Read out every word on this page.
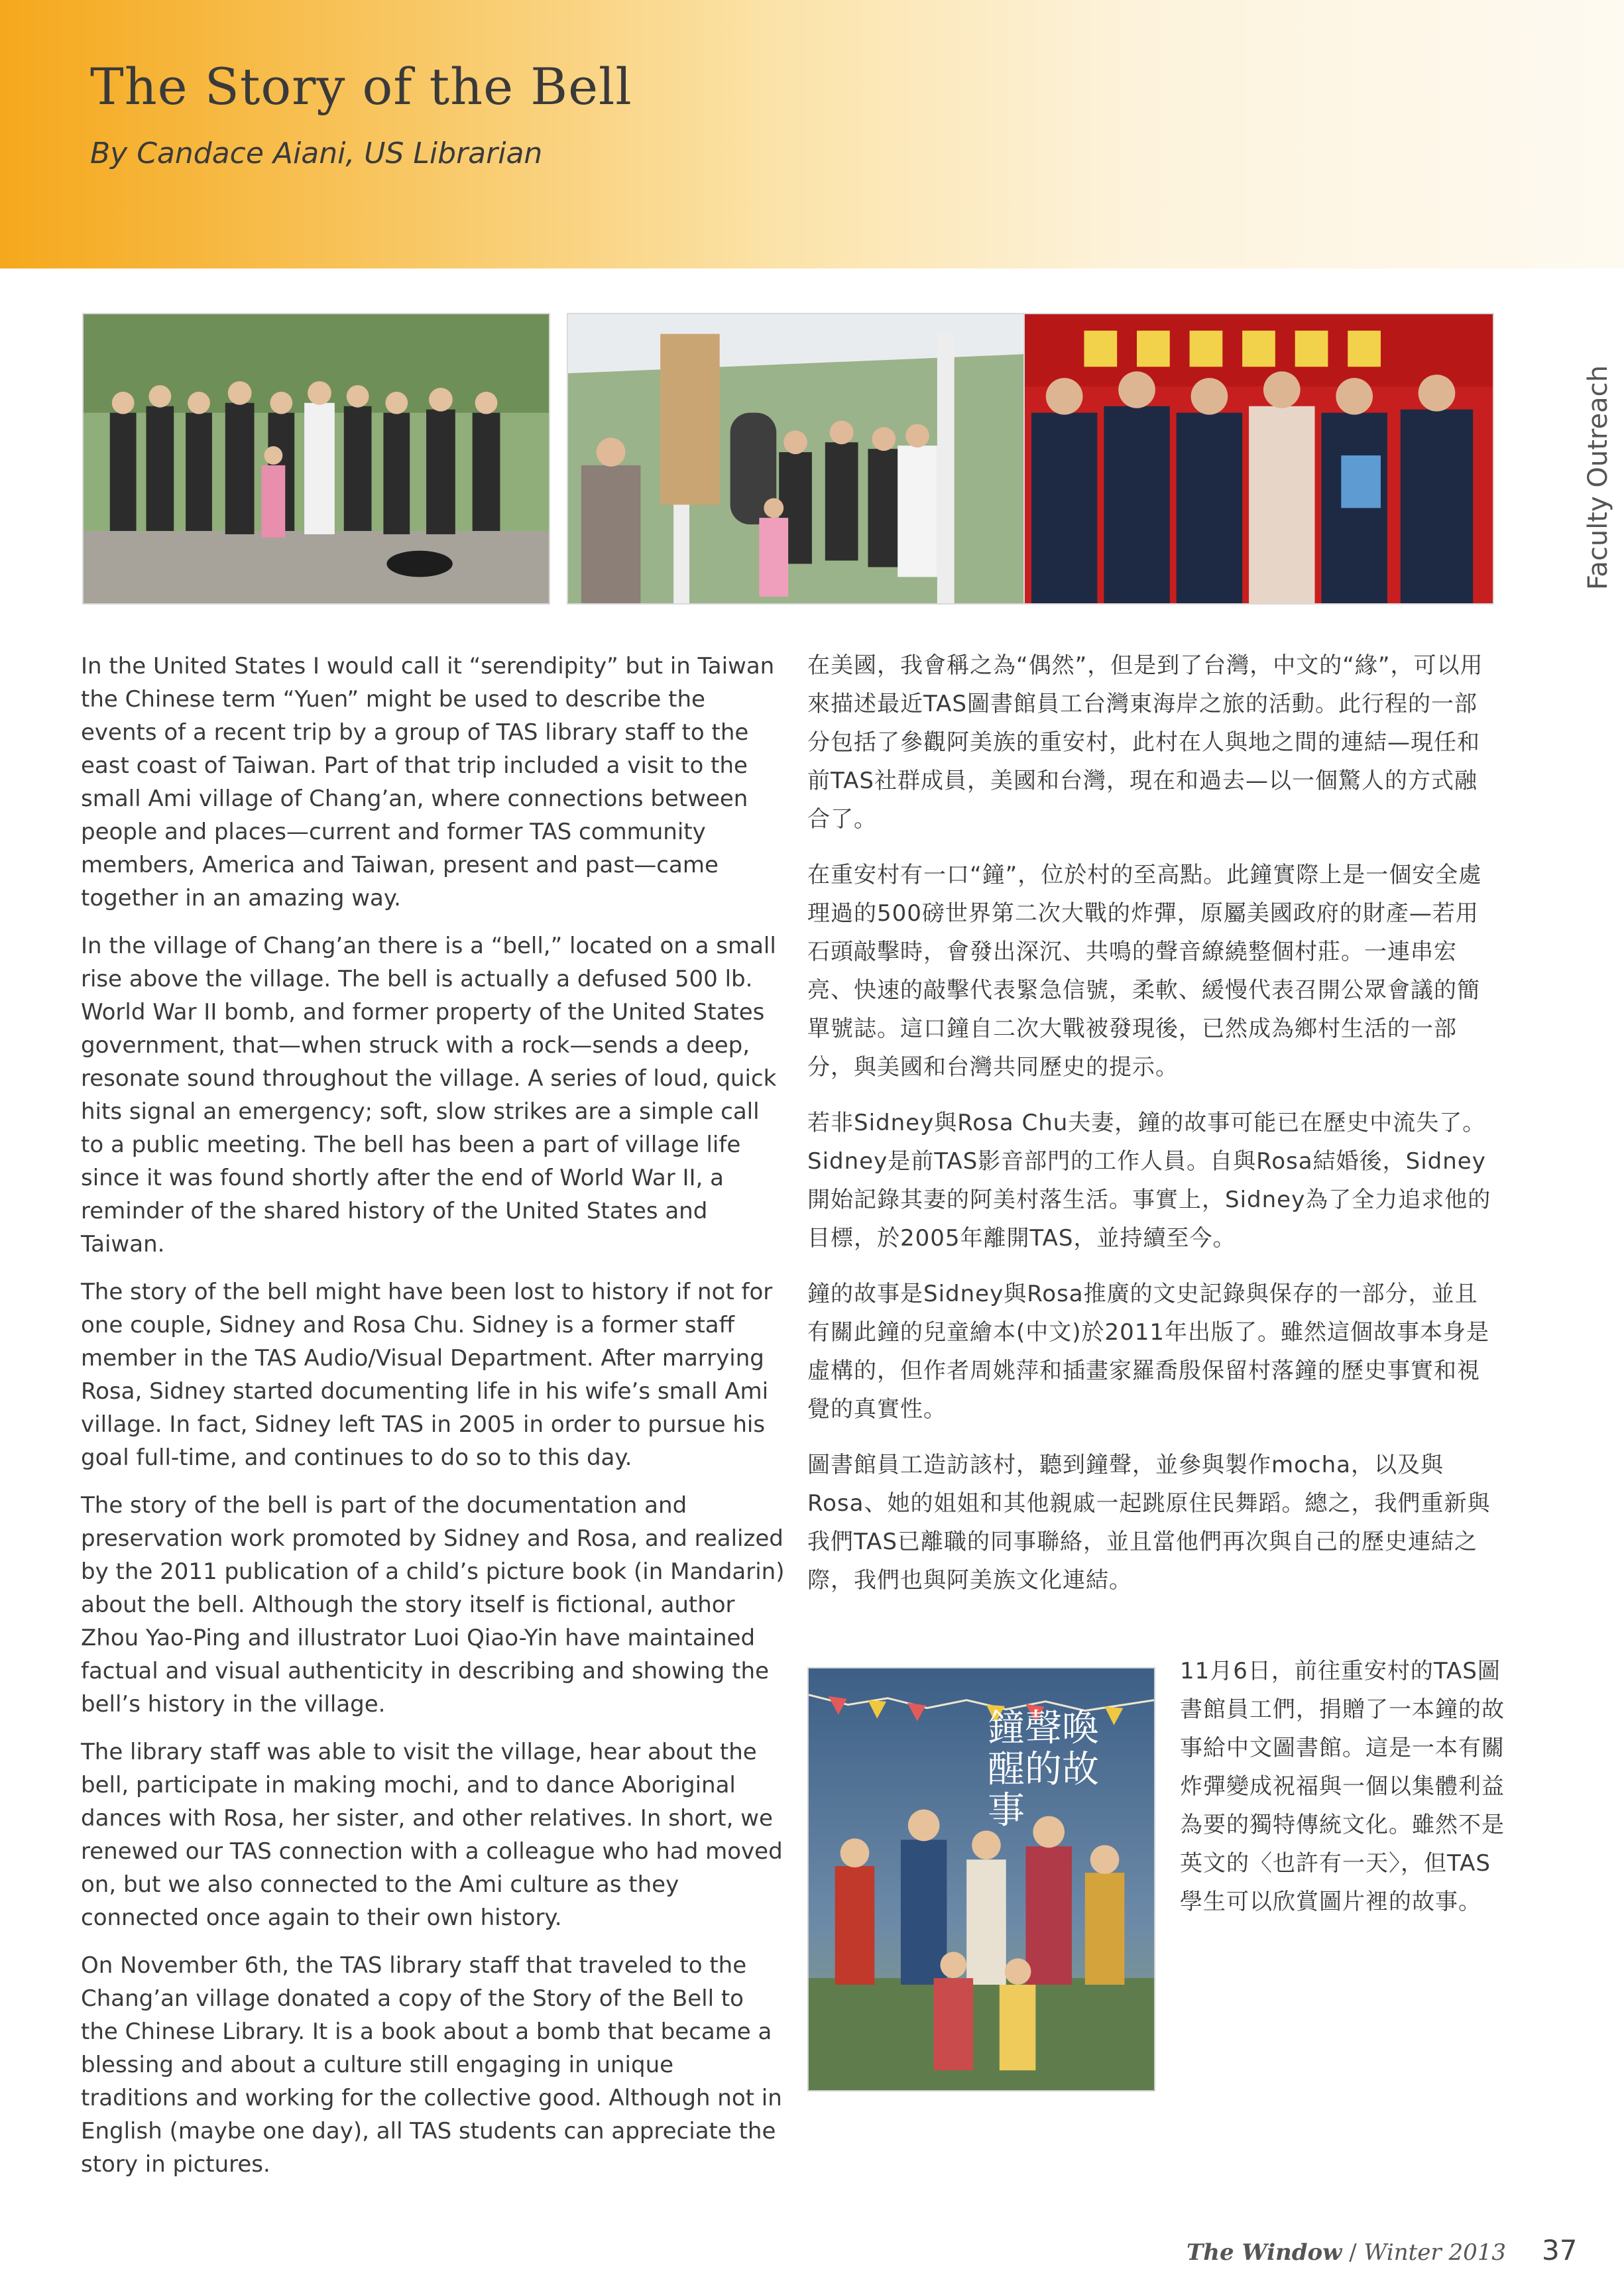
The Story of the Bell
By Candace Aiani, US Librarian
Faculty Outreach

In the United States I would call it “serendipity” but in Taiwan the Chinese term “Yuen” might be used to describe the events of a recent trip by a group of TAS library staff to the east coast of Taiwan. Part of that trip included a visit to the small Ami village of Chang’an, where connections between people and places—current and former TAS community members, America and Taiwan, present and past—came together in an amazing way.

In the village of Chang’an there is a “bell,” located on a small rise above the village. The bell is actually a defused 500 lb. World War II bomb, and former property of the United States government, that—when struck with a rock—sends a deep, resonate sound throughout the village. A series of loud, quick hits signal an emergency; soft, slow strikes are a simple call to a public meeting. The bell has been a part of village life since it was found shortly after the end of World War II, a reminder of the shared history of the United States and Taiwan.

The story of the bell might have been lost to history if not for one couple, Sidney and Rosa Chu. Sidney is a former staff member in the TAS Audio/Visual Department. After marrying Rosa, Sidney started documenting life in his wife’s small Ami village. In fact, Sidney left TAS in 2005 in order to pursue his goal full-time, and continues to do so to this day.

The story of the bell is part of the documentation and preservation work promoted by Sidney and Rosa, and realized by the 2011 publication of a child’s picture book (in Mandarin) about the bell. Although the story itself is fictional, author Zhou Yao-Ping and illustrator Luoi Qiao-Yin have maintained factual and visual authenticity in describing and showing the bell’s history in the village.

The library staff was able to visit the village, hear about the bell, participate in making mochi, and to dance Aboriginal dances with Rosa, her sister, and other relatives. In short, we renewed our TAS connection with a colleague who had moved on, but we also connected to the Ami culture as they connected once again to their own history.

On November 6th, the TAS library staff that traveled to the Chang’an village donated a copy of the Story of the Bell to the Chinese Library. It is a book about a bomb that became a blessing and about a culture still engaging in unique traditions and working for the collective good. Although not in English (maybe one day), all TAS students can appreciate the story in pictures.

在美國，我會稱之為“偶然”，但是到了台灣，中文的“緣”，可以用來描述最近TAS圖書館員工台灣東海岸之旅的活動。此行程的一部分包括了參觀阿美族的重安村，此村在人與地之間的連結—現任和前TAS社群成員，美國和台灣，現在和過去—以一個驚人的方式融合了。

在重安村有一口“鐘”，位於村的至高點。此鐘實際上是一個安全處理過的500磅世界第二次大戰的炸彈，原屬美國政府的財產—若用石頭敲擊時，會發出深沉、共鳴的聲音繚繞整個村莊。一連串宏亮、快速的敲擊代表緊急信號，柔軟、緩慢代表召開公眾會議的簡單號誌。這口鐘自二次大戰被發現後，已然成為鄉村生活的一部分，與美國和台灣共同歷史的提示。

若非Sidney與Rosa Chu夫妻，鐘的故事可能已在歷史中流失了。Sidney是前TAS影音部門的工作人員。自與Rosa結婚後，Sidney開始記錄其妻的阿美村落生活。事實上，Sidney為了全力追求他的目標，於2005年離開TAS，並持續至今。

鐘的故事是Sidney與Rosa推廣的文史記錄與保存的一部分，並且有關此鐘的兒童繪本(中文)於2011年出版了。雖然這個故事本身是虛構的，但作者周姚萍和插畫家羅喬殷保留村落鐘的歷史事實和視覺的真實性。

圖書館員工造訪該村，聽到鐘聲，並參與製作mocha，以及與Rosa、她的姐姐和其他親戚一起跳原住民舞蹈。總之，我們重新與我們TAS已離職的同事聯絡，並且當他們再次與自己的歷史連結之際，我們也與阿美族文化連結。

鐘聲喚醒的故事
11月6日，前往重安村的TAS圖書館員工們，捐贈了一本鐘的故事給中文圖書館。這是一本有關炸彈變成祝福與一個以集體利益為要的獨特傳統文化。雖然不是英文的〈也許有一天〉，但TAS學生可以欣賞圖片裡的故事。
The Window / Winter 2013 37
